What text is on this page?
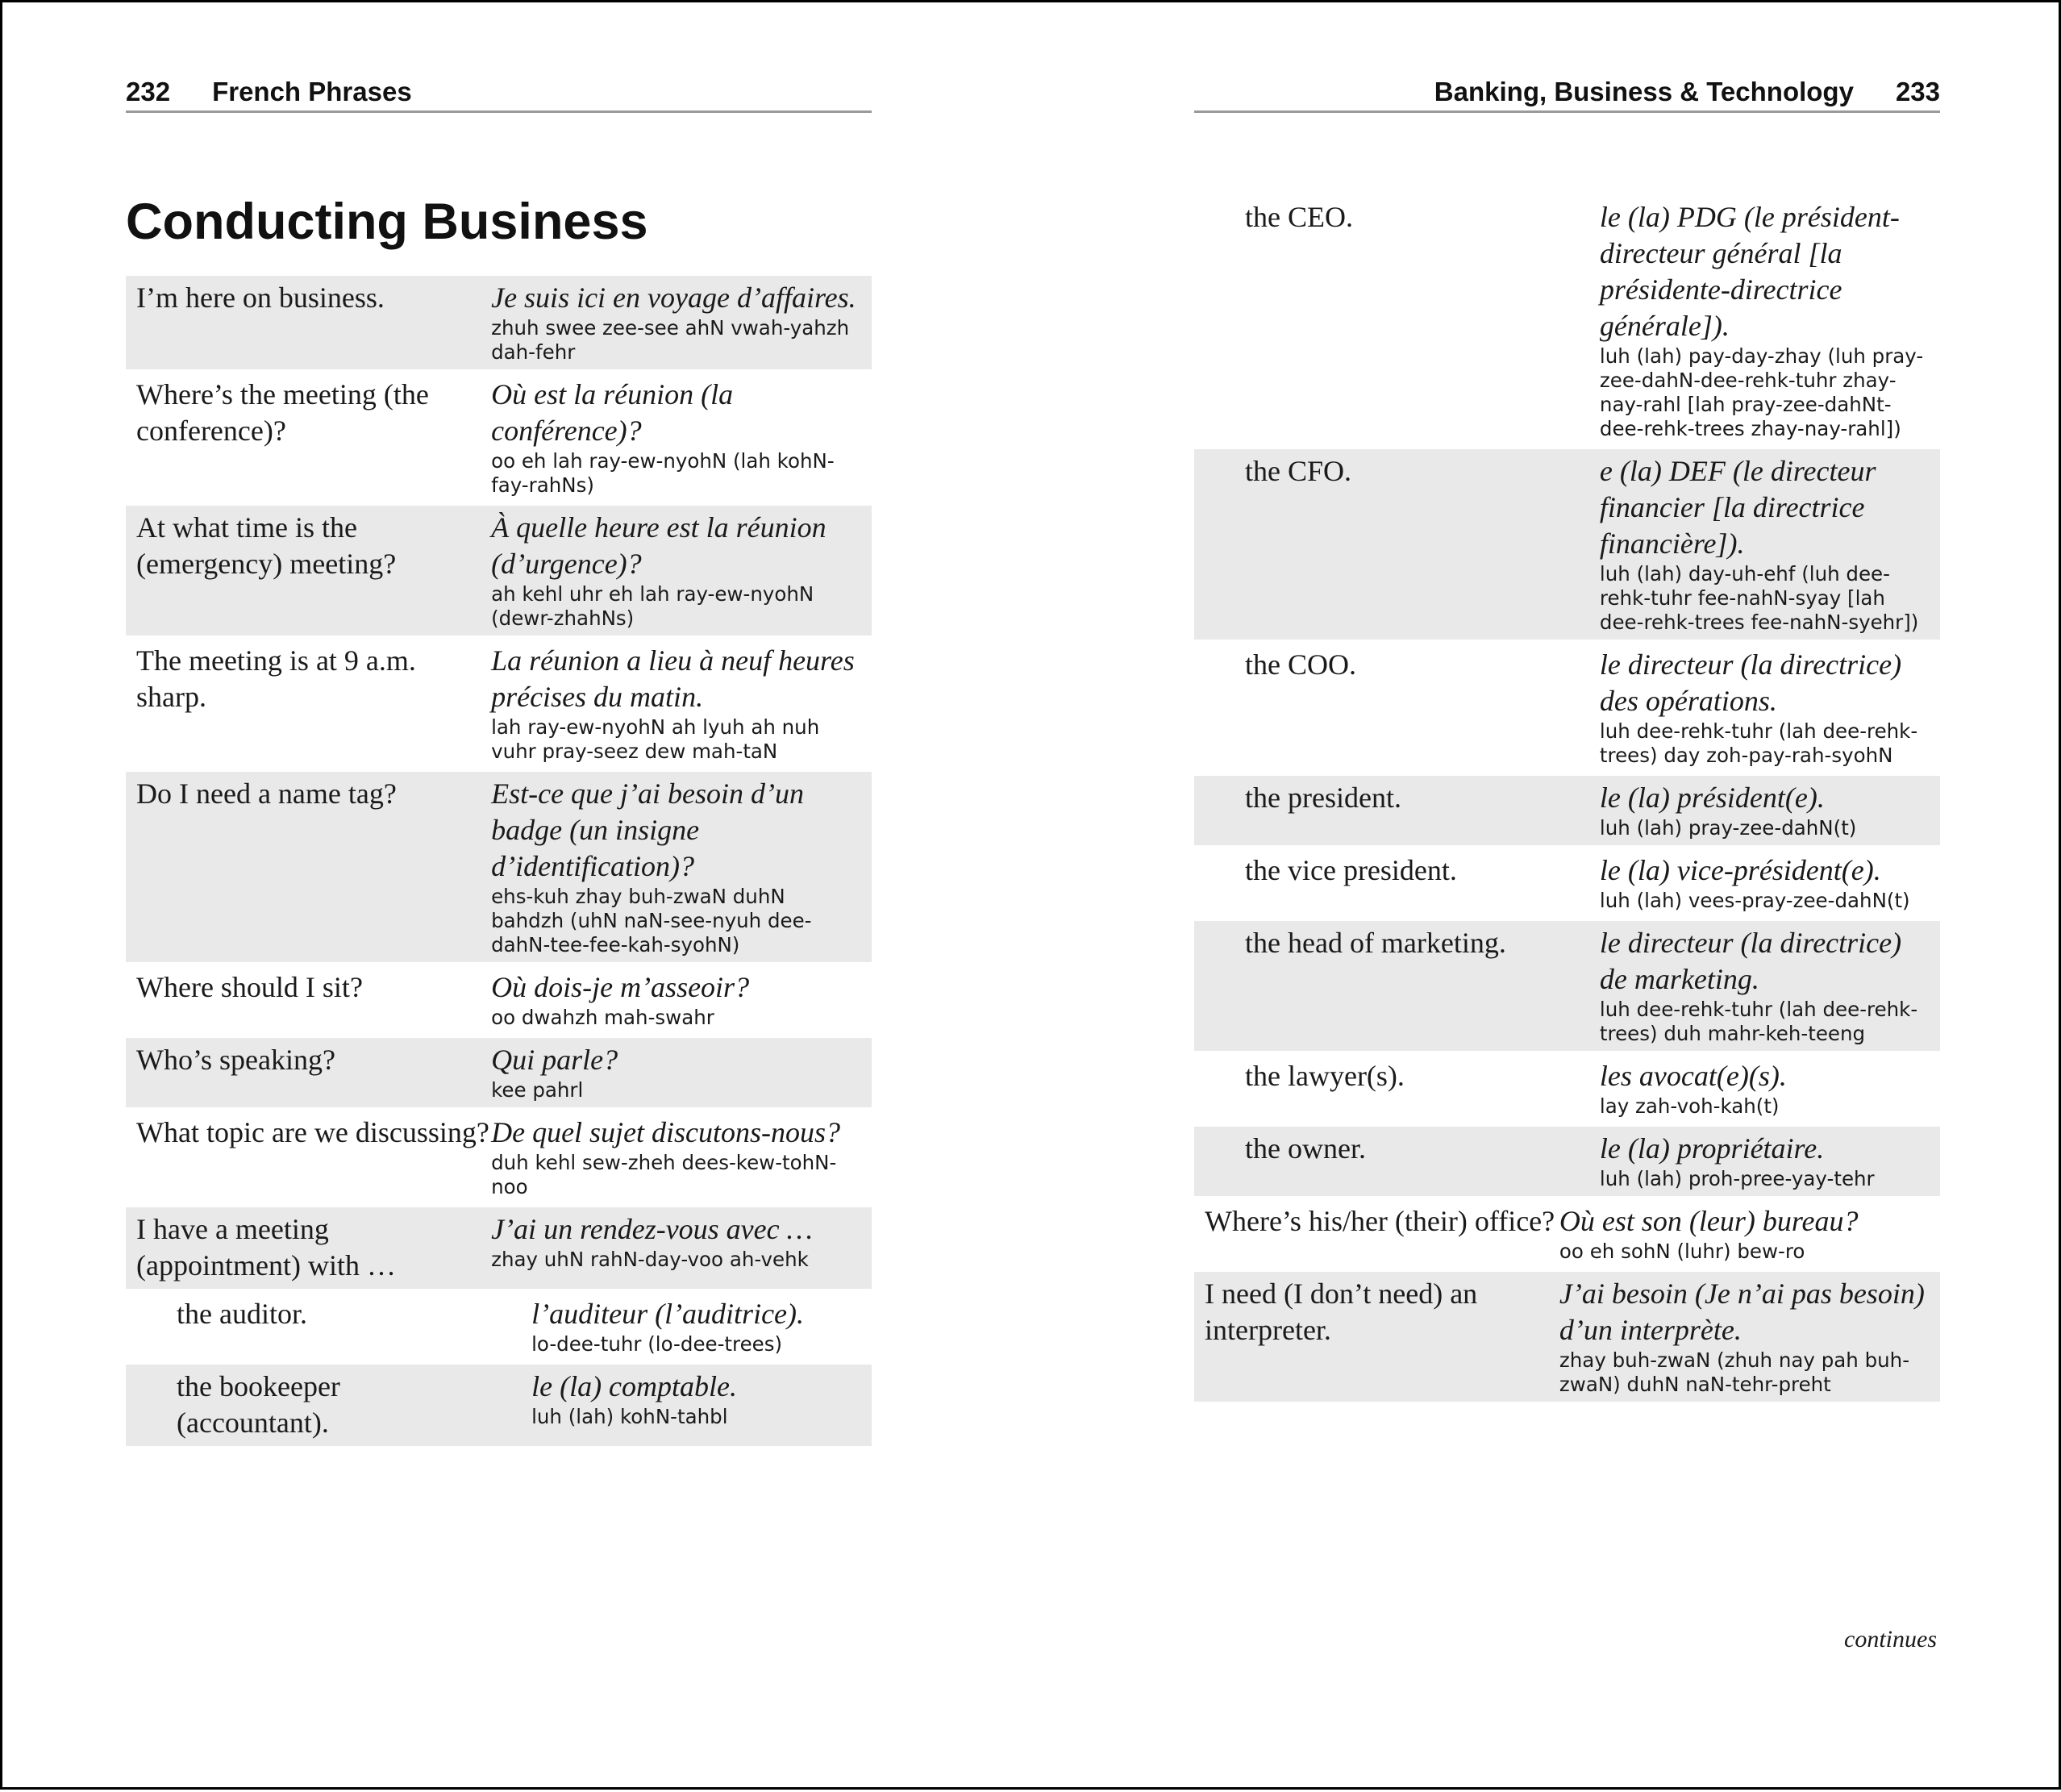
232 French Phrases
Conducting Business
I’m here on business.	Je suis ici en voyage d’affaires.
zhuh swee zee-see ahN vwah-yahzh dah-fehr

Where’s the meeting (the conference)?	Où est la réunion (la conférence)?
oo eh lah ray-ew-nyohN (lah kohN-fay-rahNs)

At what time is the (emergency) meeting?	À quelle heure est la réunion (d’urgence)?
ah kehl uhr eh lah ray-ew-nyohN (dewr-zhahNs)

The meeting is at 9 a.m. sharp.	La réunion a lieu à neuf heures précises du matin.
lah ray-ew-nyohN ah lyuh ah nuh vuhr pray-seez dew mah-taN

Do I need a name tag?	Est-ce que j’ai besoin d’un badge (un insigne d’identification)?
ehs-kuh zhay buh-zwaN duhN bahdzh (uhN naN-see-nyuh dee-dahN-tee-fee-kah-syohN)

Where should I sit?	Où dois-je m’asseoir?
oo dwahzh mah-swahr

Who’s speaking?	Qui parle?
kee pahrl

What topic are we discussing?	De quel sujet discutons-nous?
duh kehl sew-zheh dees-kew-tohN-noo

I have a meeting (appointment) with …	J’ai un rendez-vous avec …
zhay uhN rahN-day-voo ah-vehk

the auditor.	l’auditeur (l’auditrice).
lo-dee-tuhr (lo-dee-trees)

the bookeeper (accountant).	le (la) comptable.
luh (lah) kohN-tahbl
Banking, Business & Technology 233
the CEO.	le (la) PDG (le président-directeur général [la présidente-directrice générale]).
luh (lah) pay-day-zhay (luh pray-zee-dahN-dee-rehk-tuhr zhay-nay-rahl [lah pray-zee-dahNt-dee-rehk-trees zhay-nay-rahl])

the CFO.	e (la) DEF (le directeur financier [la directrice financière]).
luh (lah) day-uh-ehf (luh dee-rehk-tuhr fee-nahN-syay [lah dee-rehk-trees fee-nahN-syehr])

the COO.	le directeur (la directrice) des opérations.
luh dee-rehk-tuhr (lah dee-rehk-trees) day zoh-pay-rah-syohN

the president.	le (la) président(e).
luh (lah) pray-zee-dahN(t)

the vice president.	le (la) vice-président(e).
luh (lah) vees-pray-zee-dahN(t)

the head of marketing.	le directeur (la directrice) de marketing.
luh dee-rehk-tuhr (lah dee-rehk-trees) duh mahr-keh-teeng

the lawyer(s).	les avocat(e)(s).
lay zah-voh-kah(t)

the owner.	le (la) propriétaire.
luh (lah) proh-pree-yay-tehr

Where’s his/her (their) office?	Où est son (leur) bureau?
oo eh sohN (luhr) bew-ro

I need (I don’t need) an interpreter.	J’ai besoin (Je n’ai pas besoin) d’un interprète.
zhay buh-zwaN (zhuh nay pah buh-zwaN) duhN naN-tehr-preht
continues
